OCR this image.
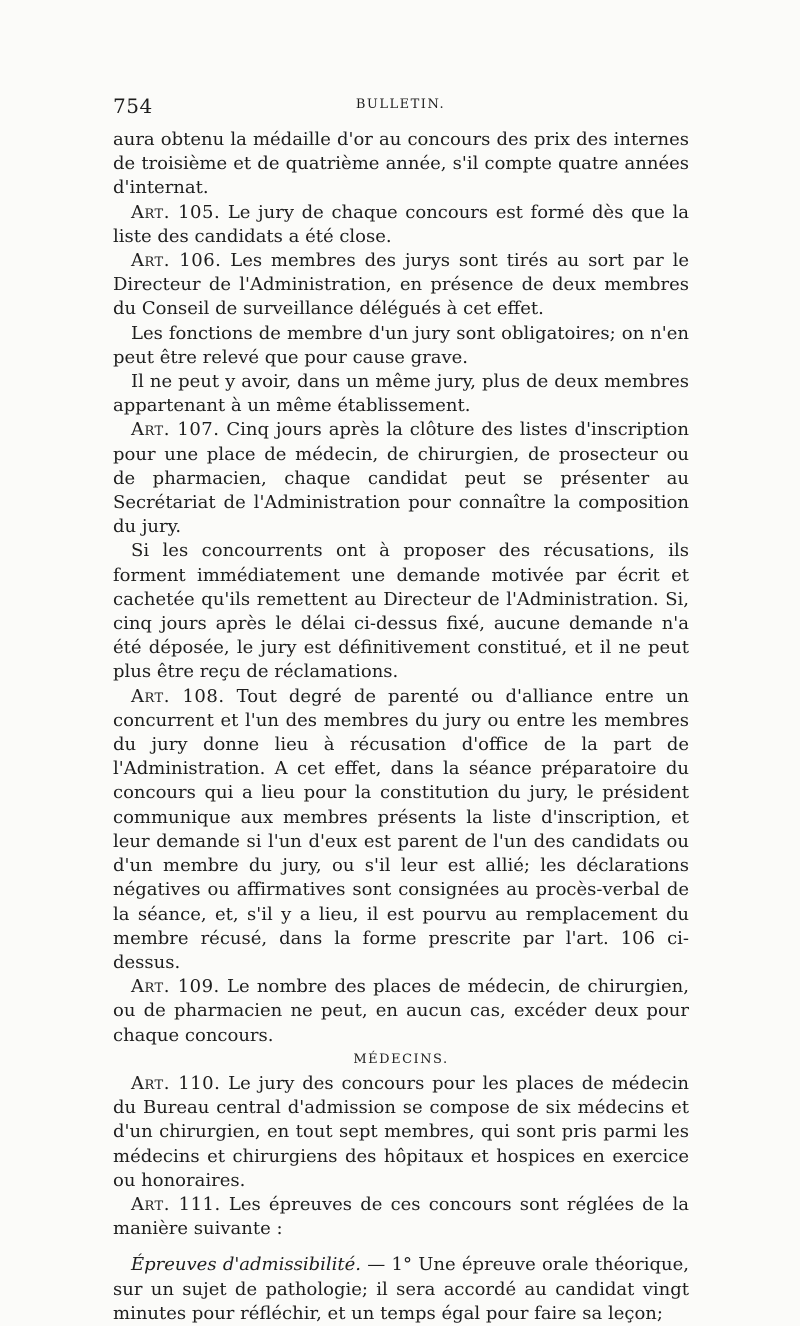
754	BULLETIN.

aura obtenu la médaille d'or au concours des prix des internes de troisième et de quatrième année, s'il compte quatre années d'internat.

Art. 105. Le jury de chaque concours est formé dès que la liste des candidats a été close.

Art. 106. Les membres des jurys sont tirés au sort par le Directeur de l'Administration, en présence de deux membres du Conseil de surveillance délégués à cet effet.

Les fonctions de membre d'un jury sont obligatoires; on n'en peut être relevé que pour cause grave.

Il ne peut y avoir, dans un même jury, plus de deux membres appartenant à un même établissement.

Art. 107. Cinq jours après la clôture des listes d'inscription pour une place de médecin, de chirurgien, de prosecteur ou de pharmacien, chaque candidat peut se présenter au Secrétariat de l'Administration pour connaître la composition du jury.

Si les concourrents ont à proposer des récusations, ils forment immédiatement une demande motivée par écrit et cachetée qu'ils remettent au Directeur de l'Administration. Si, cinq jours après le délai ci-dessus fixé, aucune demande n'a été déposée, le jury est définitivement constitué, et il ne peut plus être reçu de réclamations.

Art. 108. Tout degré de parenté ou d'alliance entre un concurrent et l'un des membres du jury ou entre les membres du jury donne lieu à récusation d'office de la part de l'Administration. A cet effet, dans la séance préparatoire du concours qui a lieu pour la constitution du jury, le président communique aux membres présents la liste d'inscription, et leur demande si l'un d'eux est parent de l'un des candidats ou d'un membre du jury, ou s'il leur est allié; les déclarations négatives ou affirmatives sont consignées au procès-verbal de la séance, et, s'il y a lieu, il est pourvu au remplacement du membre récusé, dans la forme prescrite par l'art. 106 ci-dessus.

Art. 109. Le nombre des places de médecin, de chirurgien, ou de pharmacien ne peut, en aucun cas, excéder deux pour chaque concours.

MÉDECINS.

Art. 110. Le jury des concours pour les places de médecin du Bureau central d'admission se compose de six médecins et d'un chirurgien, en tout sept membres, qui sont pris parmi les médecins et chirurgiens des hôpitaux et hospices en exercice ou honoraires.

Art. 111. Les épreuves de ces concours sont réglées de la manière suivante :

Épreuves d'admissibilité. — 1° Une épreuve orale théorique, sur un sujet de pathologie; il sera accordé au candidat vingt minutes pour réfléchir, et un temps égal pour faire sa leçon;
